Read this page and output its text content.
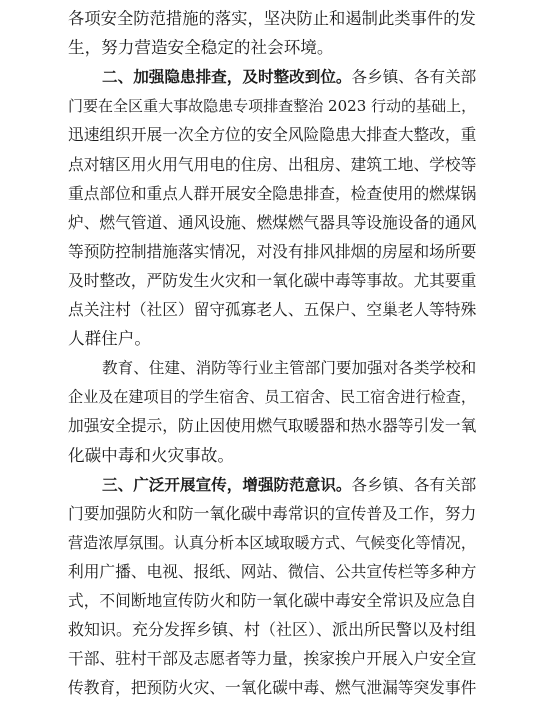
各项安全防范措施的落实，坚决防止和遏制此类事件的发
生，努力营造安全稳定的社会环境。
二、加强隐患排查，及时整改到位。各乡镇、各有关部
门要在全区重大事故隐患专项排查整治 2023 行动的基础上，
迅速组织开展一次全方位的安全风险隐患大排查大整改，重
点对辖区用火用气用电的住房、出租房、建筑工地、学校等
重点部位和重点人群开展安全隐患排查，检查使用的燃煤锅
炉、燃气管道、通风设施、燃煤燃气器具等设施设备的通风
等预防控制措施落实情况，对没有排风排烟的房屋和场所要
及时整改，严防发生火灾和一氧化碳中毒等事故。尤其要重
点关注村（社区）留守孤寡老人、五保户、空巢老人等特殊
人群住户。
教育、住建、消防等行业主管部门要加强对各类学校和
企业及在建项目的学生宿舍、员工宿舍、民工宿舍进行检查，
加强安全提示，防止因使用燃气取暖器和热水器等引发一氧
化碳中毒和火灾事故。
三、广泛开展宣传，增强防范意识。各乡镇、各有关部
门要加强防火和防一氧化碳中毒常识的宣传普及工作，努力
营造浓厚氛围。认真分析本区域取暖方式、气候变化等情况，
利用广播、电视、报纸、网站、微信、公共宣传栏等多种方
式，不间断地宣传防火和防一氧化碳中毒安全常识及应急自
救知识。充分发挥乡镇、村（社区）、派出所民警以及村组
干部、驻村干部及志愿者等力量，挨家挨户开展入户安全宣
传教育，把预防火灾、一氧化碳中毒、燃气泄漏等突发事件
